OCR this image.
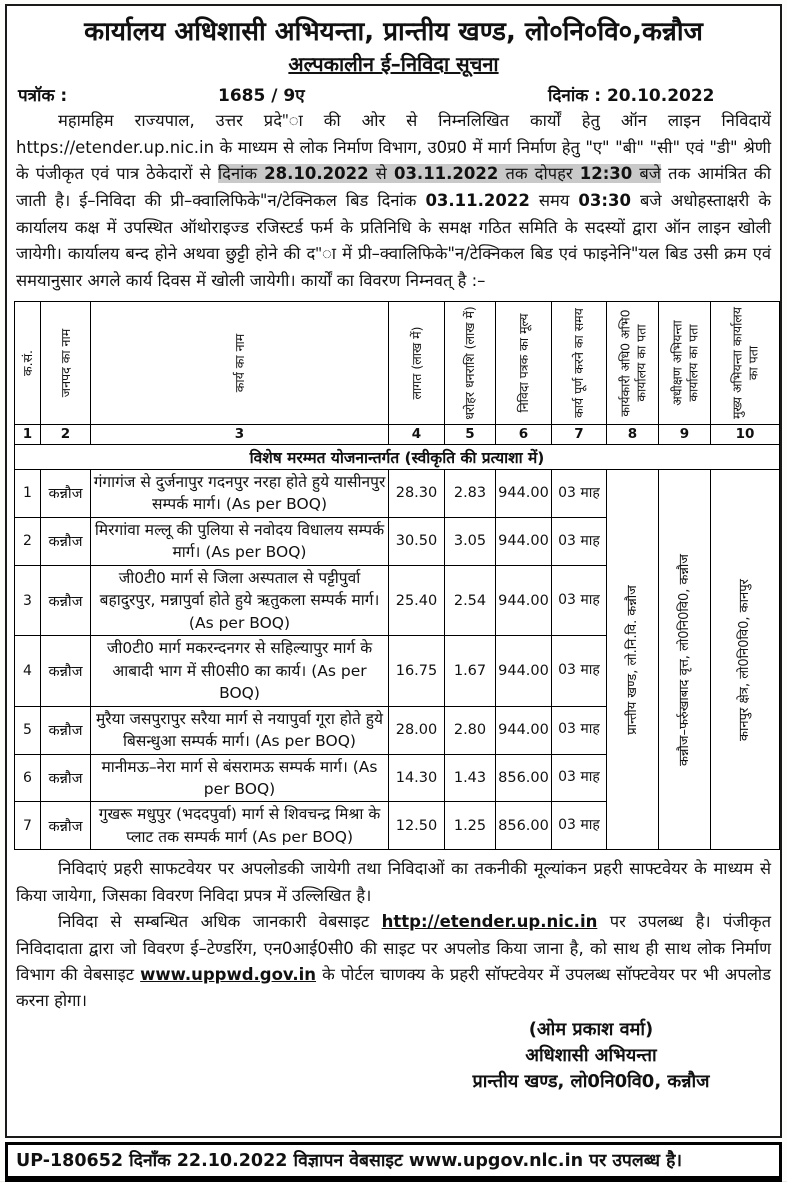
कार्यालय अधिशासी अभियन्ता, प्रान्तीय खण्ड, लो०नि०वि०,कन्नौज
अल्पकालीन ई–निविदा सूचना
पत्रॉक :	1685 / 9ए	दिनांक : 20.10.2022
महामहिम राज्यपाल, उत्तर प्रदे"ा की ओर से निम्नलिखित कार्यों हेतु ऑन लाइन निविदायें https://etender.up.nic.in के माध्यम से लोक निर्माण विभाग, उ0प्र0 में मार्ग निर्माण हेतु "ए" "बी" "सी" एवं "डी" श्रेणी के पंजीकृत एवं पात्र ठेकेदारों से दिनांक 28.10.2022 से 03.11.2022 तक दोपहर 12:30 बजे तक आमंत्रित की जाती है। ई–निविदा की प्री–क्वालिफिके"न/टेक्निकल बिड दिनांक 03.11.2022 समय 03:30 बजे अधोहस्ताक्षरी के कार्यालय कक्ष में उपस्थित ऑथोराइज्ड रजिस्टर्ड फर्म के प्रतिनिधि के समक्ष गठित समिति के सदस्यों द्वारा ऑन लाइन खोली जायेगी। कार्यालय बन्द होने अथवा छुट्टी होने की द"ा में प्री–क्वालिफिके"न/टेक्निकल बिड एवं फाइनेनि"यल बिड उसी क्रम एवं समयानुसार अगले कार्य दिवस में खोली जायेगी। कार्यों का विवरण निम्नवत् है :–
क.सं.	जनपद का नाम	कार्य का नाम	लागत (लाख में)	धरोहर धनराशि (लाख में)	निविदा पत्रक का मूल्य	कार्य पूर्ण करने का समय	कार्यकारी अधि0 अभि0 कार्यालय का पता	अधीक्षण अभियन्ता कार्यालय का पता	मुख्य अभियन्ता कार्यालय का पता

1	2	3	4	5	6	7	8	9	10
विशेष मरम्मत योजनान्तर्गत (स्वीकृति की प्रत्याशा में)									
1	कन्नौज	गंगागंज से दुर्जनापुर गदनपुर नरहा होते हुये यासीनपुर सम्पर्क मार्ग। (As per BOQ)	28.30	2.83	944.00	03 माह	प्रान्तीय खण्ड, लो.नि.वि. कन्नौज	कन्नौज–फर्रुखाबाद वृत्त, लो0नि0वि0, कन्नौज	कानपुर क्षेत्र, लो0नि0वि0, कानपुर

2	कन्नौज	मिरगांवा मल्लू की पुलिया से नवोदय विधालय सम्पर्क मार्ग। (As per BOQ)	30.50	3.05	944.00	03 माह			
3	कन्नौज	जी0टी0 मार्ग से जिला अस्पताल से पट्टीपुर्वा बहादुरपुर, मन्नापुर्वा होते हुये ऋतुकला सम्पर्क मार्ग। (As per BOQ)	25.40	2.54	944.00	03 माह			
4	कन्नौज	जी0टी0 मार्ग मकरन्दनगर से सहिल्यापुर मार्ग के आबादी भाग में सी0सी0 का कार्य। (As per BOQ)	16.75	1.67	944.00	03 माह			
5	कन्नौज	मुरैया जसपुरापुर सरैया मार्ग से नयापुर्वा गूरा होते हुये बिसन्धुआ सम्पर्क मार्ग। (As per BOQ)	28.00	2.80	944.00	03 माह			
6	कन्नौज	मानीमऊ–नेरा मार्ग से बंसरामऊ सम्पर्क मार्ग। (As per BOQ)	14.30	1.43	856.00	03 माह			
7	कन्नौज	गुखरू मधुपुर (भददपुर्वा) मार्ग से शिवचन्द्र मिश्रा के प्लाट तक सम्पर्क मार्ग (As per BOQ)	12.50	1.25	856.00	03 माह			
निविदाएं प्रहरी साफटवेयर पर अपलोडकी जायेगी तथा निविदाओं का तकनीकी मूल्यांकन प्रहरी साफ्टवेयर के माध्यम से किया जायेगा, जिसका विवरण निविदा प्रपत्र में उल्लिखित है।
निविदा से सम्बन्धित अधिक जानकारी वेबसाइट http://etender.up.nic.in पर उपलब्ध है। पंजीकृत निविदादाता द्वारा जो विवरण ई–टेण्डरिंग, एन0आई0सी0 की साइट पर अपलोड किया जाना है, को साथ ही साथ लोक निर्माण विभाग की वेबसाइट www.uppwd.gov.in के पोर्टल चाणक्य के प्रहरी सॉफ्टवेयर में उपलब्ध सॉफ्टवेयर पर भी अपलोड करना होगा।
(ओम प्रकाश वर्मा)
अधिशासी अभियन्ता
प्रान्तीय खण्ड, लो0नि0वि0, कन्नौज
UP-180652 दिनाँक 22.10.2022 विज्ञापन वेबसाइट www.upgov.nlc.in पर उपलब्ध है।
